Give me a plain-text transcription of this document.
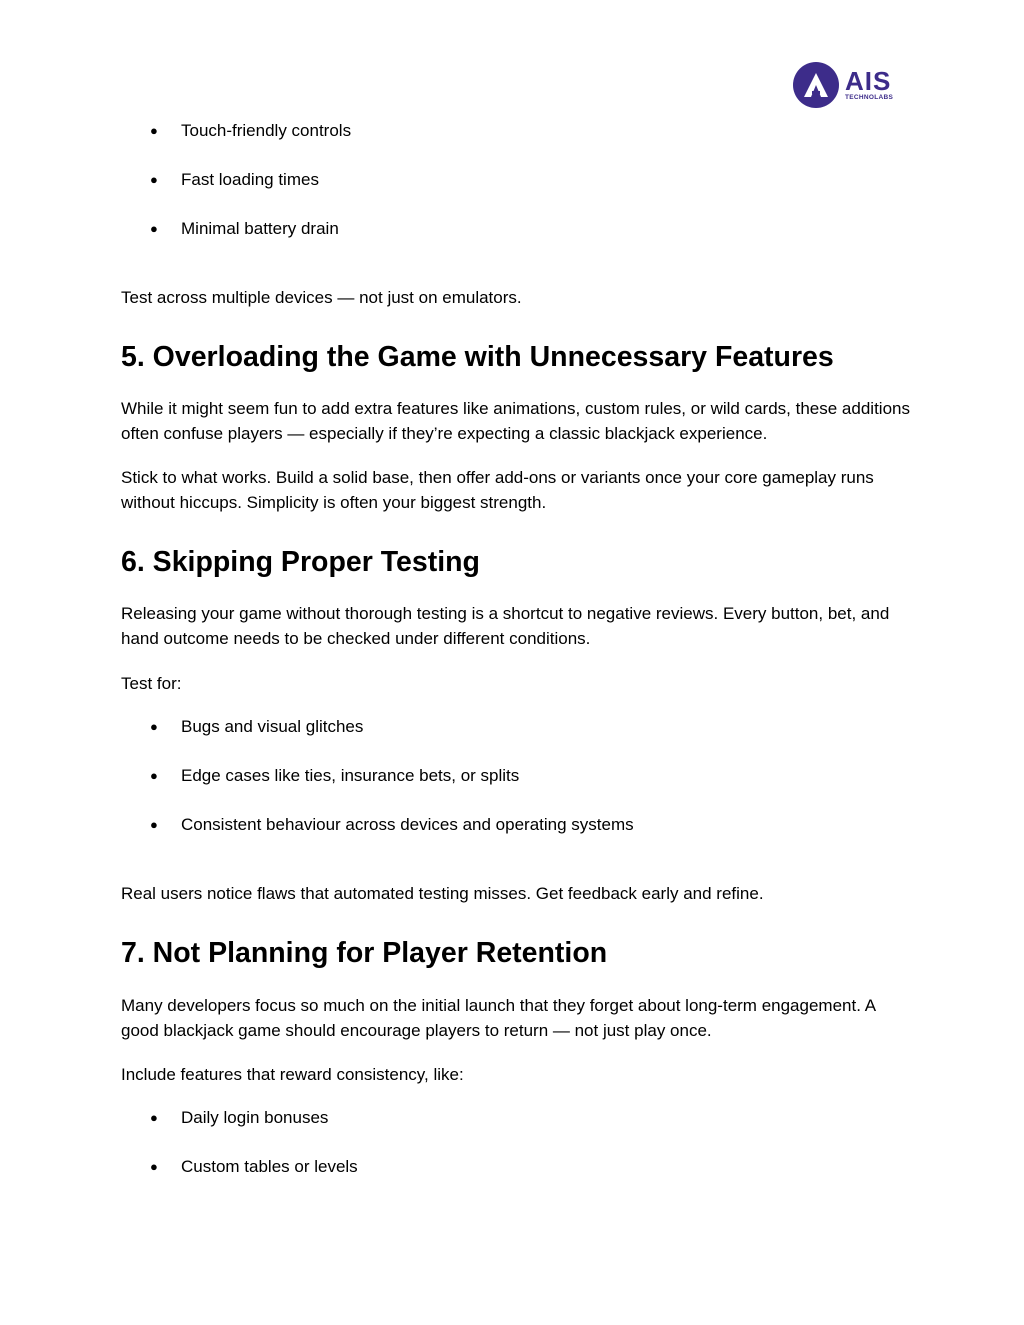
AIS
TECHNOLABS
● Touch-friendly controls
● Fast loading times
● Minimal battery drain

Test across multiple devices — not just on emulators.

5. Overloading the Game with Unnecessary Features

While it might seem fun to add extra features like animations, custom rules, or wild cards, these additions often confuse players — especially if they’re expecting a classic blackjack experience.

Stick to what works. Build a solid base, then offer add-ons or variants once your core gameplay runs without hiccups. Simplicity is often your biggest strength.

6. Skipping Proper Testing

Releasing your game without thorough testing is a shortcut to negative reviews. Every button, bet, and hand outcome needs to be checked under different conditions.

Test for:

● Bugs and visual glitches
● Edge cases like ties, insurance bets, or splits
● Consistent behaviour across devices and operating systems

Real users notice flaws that automated testing misses. Get feedback early and refine.

7. Not Planning for Player Retention

Many developers focus so much on the initial launch that they forget about long-term engagement. A good blackjack game should encourage players to return — not just play once.

Include features that reward consistency, like:

● Daily login bonuses
● Custom tables or levels
